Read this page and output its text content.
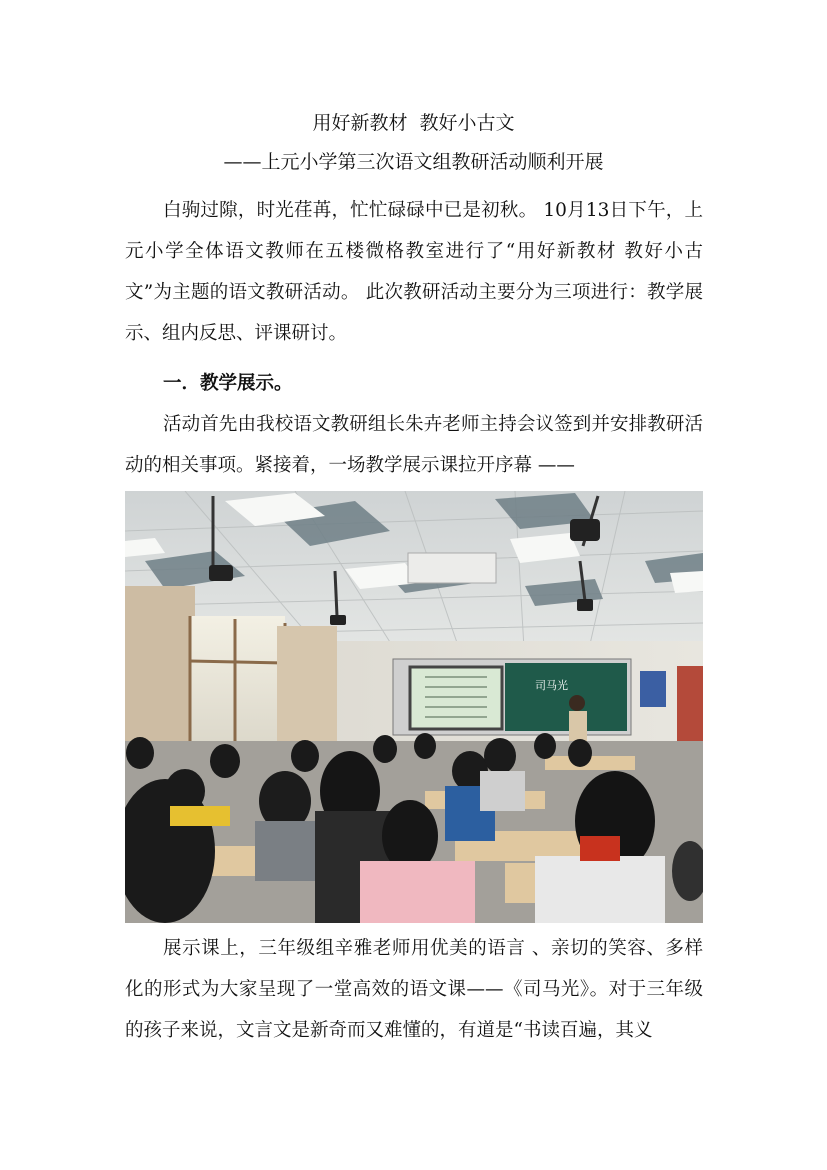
用好新教材  教好小古文
——上元小学第三次语文组教研活动顺利开展

白驹过隙，时光荏苒，忙忙碌碌中已是初秋。 10月13日下午，上元小学全体语文教师在五楼微格教室进行了“用好新教材 教好小古文”为主题的语文教研活动。 此次教研活动主要分为三项进行：教学展示、组内反思、评课研讨。

一．教学展示。

活动首先由我校语文教研组长朱卉老师主持会议签到并安排教研活动的相关事项。紧接着，一场教学展示课拉开序幕 ——

司马光

展示课上，三年级组辛雅老师用优美的语言 、亲切的笑容、多样化的形式为大家呈现了一堂高效的语文课——《司马光》。对于三年级的孩子来说，文言文是新奇而又难懂的，有道是“书读百遍，其义
